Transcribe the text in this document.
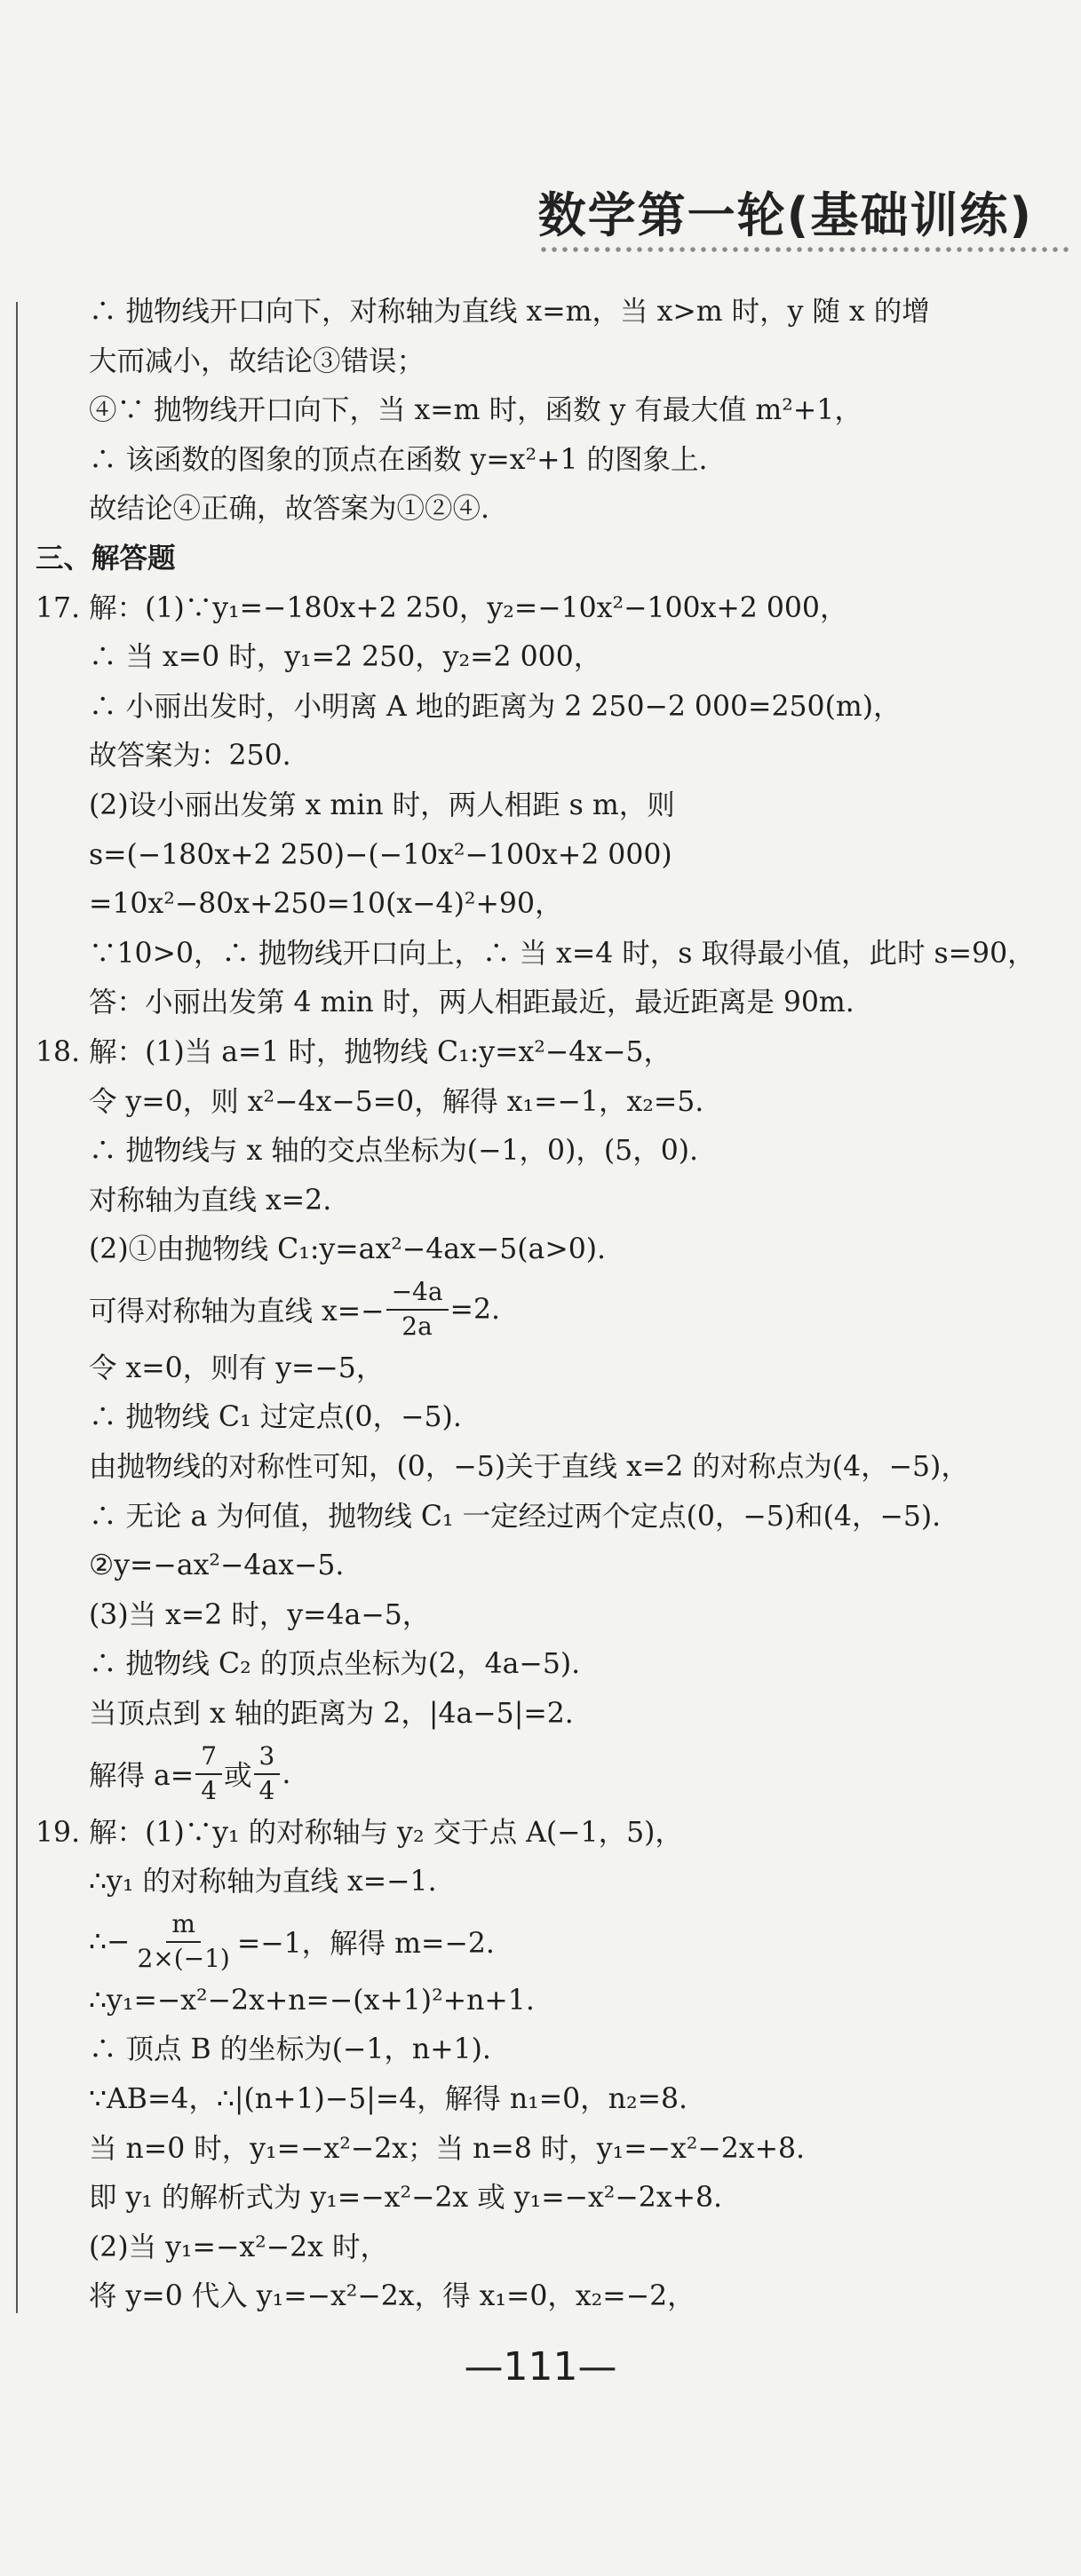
数学第一轮(基础训练)
∴ 抛物线开口向下，对称轴为直线 x=m，当 x>m 时，y 随 x 的增
大而减小，故结论③错误；
④∵ 抛物线开口向下，当 x=m 时，函数 y 有最大值 m²+1，
∴ 该函数的图象的顶点在函数 y=x²+1 的图象上.
故结论④正确，故答案为①②④.
三、解答题
17. 解：(1)∵y₁=−180x+2 250，y₂=−10x²−100x+2 000，
∴ 当 x=0 时，y₁=2 250，y₂=2 000，
∴ 小丽出发时，小明离 A 地的距离为 2 250−2 000=250(m)，
故答案为：250.
(2)设小丽出发第 x min 时，两人相距 s m，则
s=(−180x+2 250)−(−10x²−100x+2 000)
=10x²−80x+250=10(x−4)²+90，
∵10>0，∴ 抛物线开口向上，∴ 当 x=4 时，s 取得最小值，此时 s=90，
答：小丽出发第 4 min 时，两人相距最近，最近距离是 90m.
18. 解：(1)当 a=1 时，抛物线 C₁:y=x²−4x−5，
令 y=0，则 x²−4x−5=0，解得 x₁=−1，x₂=5.
∴ 抛物线与 x 轴的交点坐标为(−1，0)，(5，0).
对称轴为直线 x=2.
(2)①由抛物线 C₁:y=ax²−4ax−5(a>0).
可得对称轴为直线 $x=- \frac{-4a}{2a} =2$.
令 x=0，则有 y=−5，
∴ 抛物线 C₁ 过定点(0，−5).
由抛物线的对称性可知，(0，−5)关于直线 x=2 的对称点为(4，−5)，
∴ 无论 a 为何值，抛物线 C₁ 一定经过两个定点(0，−5)和(4，−5).
②y=−ax²−4ax−5.
(3)当 x=2 时，y=4a−5，
∴ 抛物线 C₂ 的顶点坐标为(2，4a−5).
当顶点到 x 轴的距离为 2，|4a−5|=2.
解得 $a= \frac{7}{4}$ 或 $\frac{3}{4}$ .
19. 解：(1)∵y₁ 的对称轴与 y₂ 交于点 A(−1，5)，
∴y₁ 的对称轴为直线 x=−1.
∴− $\frac{m}{2\times(-1)} =-1$，解得 m=−2.
∴y₁=−x²−2x+n=−(x+1)²+n+1.
∴ 顶点 B 的坐标为(−1，n+1).
∵AB=4，∴|(n+1)−5|=4，解得 n₁=0，n₂=8.
当 n=0 时，y₁=−x²−2x；当 n=8 时，y₁=−x²−2x+8.
即 y₁ 的解析式为 y₁=−x²−2x 或 y₁=−x²−2x+8.
(2)当 y₁=−x²−2x 时，
将 y=0 代入 y₁=−x²−2x，得 x₁=0，x₂=−2，
—111—
